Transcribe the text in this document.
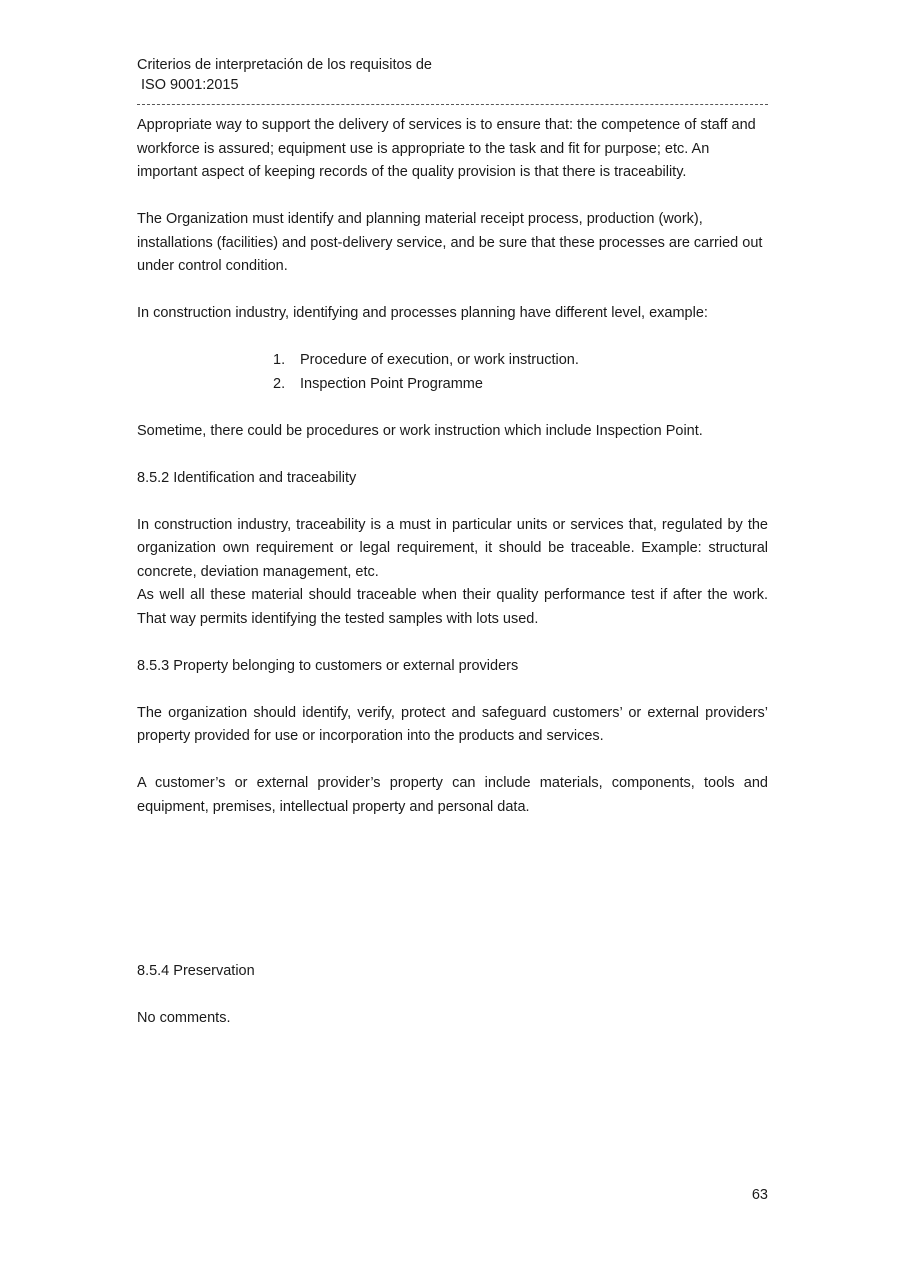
Criterios de interpretación de los requisitos de
ISO 9001:2015

Appropriate way to support the delivery of services is to ensure that: the competence of staff and workforce is assured; equipment use is appropriate to the task and fit for purpose; etc. An important aspect of keeping records of the quality provision is that there is traceability.

The Organization must identify and planning material receipt process, production (work), installations (facilities) and post-delivery service, and be sure that these processes are carried out under control condition.

In construction industry, identifying and processes planning have different level, example:

1. Procedure of execution, or work instruction.
2. Inspection Point Programme

Sometime, there could be procedures or work instruction which include Inspection Point.

8.5.2 Identification and traceability

In construction industry, traceability is a must in particular units or services that, regulated by the organization own requirement or legal requirement, it should be traceable. Example: structural concrete, deviation management, etc.

As well all these material should traceable when their quality performance test if after the work. That way permits identifying the tested samples with lots used.

8.5.3 Property belonging to customers or external providers

The organization should identify, verify, protect and safeguard customers’ or external providers’ property provided for use or incorporation into the products and services.

A customer’s or external provider’s property can include materials, components, tools and equipment, premises, intellectual property and personal data.

8.5.4 Preservation

No comments.

63
